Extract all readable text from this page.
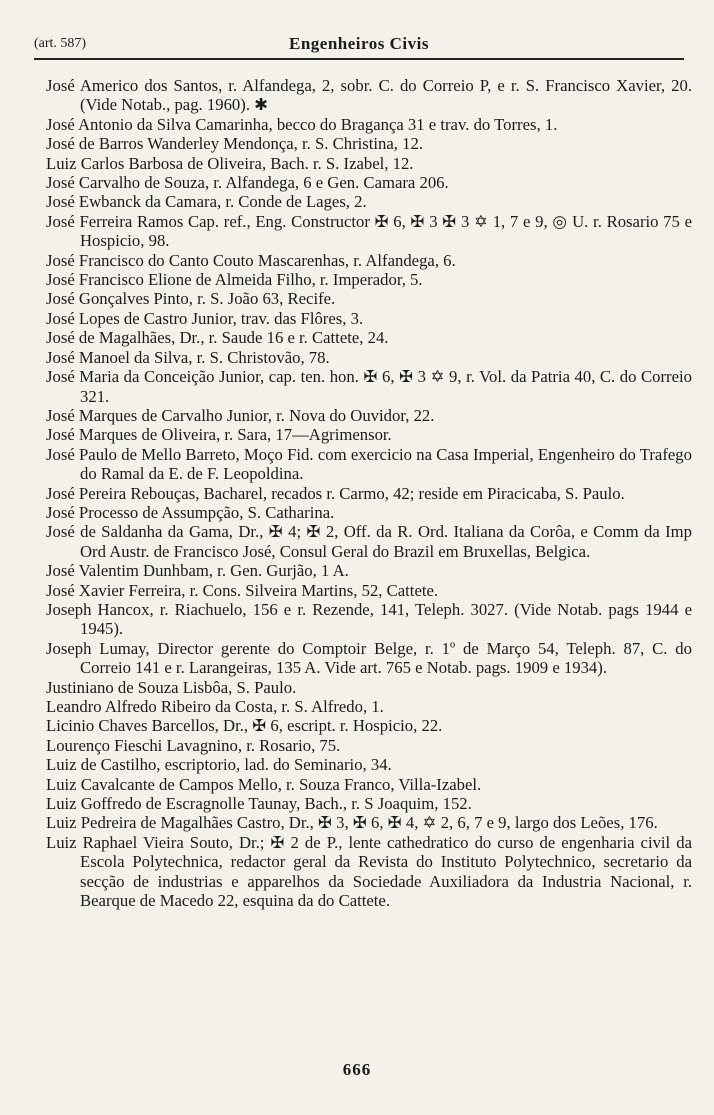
(art. 587)	Engenheiros Civis

José Americo dos Santos, r. Alfandega, 2, sobr. C. do Correio P, e r. S. Francisco Xavier, 20. (Vide Notab., pag. 1960). ✱

José Antonio da Silva Camarinha, becco do Bragança 31 e trav. do Torres, 1.

José de Barros Wanderley Mendonça, r. S. Christina, 12.

Luiz Carlos Barbosa de Oliveira, Bach. r. S. Izabel, 12.

José Carvalho de Souza, r. Alfandega, 6 e Gen. Camara 206.

José Ewbanck da Camara, r. Conde de Lages, 2.

José Ferreira Ramos Cap. ref., Eng. Constructor ✠ 6, ✠ 3 ✠ 3 ✡ 1, 7 e 9, ◎ U. r. Rosario 75 e Hospicio, 98.

José Francisco do Canto Couto Mascarenhas, r. Alfandega, 6.

José Francisco Elione de Almeida Filho, r. Imperador, 5.

José Gonçalves Pinto, r. S. João 63, Recife.

José Lopes de Castro Junior, trav. das Flôres, 3.

José de Magalhães, Dr., r. Saude 16 e r. Cattete, 24.

José Manoel da Silva, r. S. Christovão, 78.

José Maria da Conceição Junior, cap. ten. hon. ✠ 6, ✠ 3 ✡ 9, r. Vol. da Patria 40, C. do Correio 321.

José Marques de Carvalho Junior, r. Nova do Ouvidor, 22.

José Marques de Oliveira, r. Sara, 17—Agrimensor.

José Paulo de Mello Barreto, Moço Fid. com exercicio na Casa Imperial, Engenheiro do Trafego do Ramal da E. de F. Leopoldina.

José Pereira Rebouças, Bacharel, recados r. Carmo, 42; reside em Piracicaba, S. Paulo.

José Processo de Assumpção, S. Catharina.

José de Saldanha da Gama, Dr., ✠ 4; ✠ 2, Off. da R. Ord. Italiana da Corôa, e Comm da Imp Ord Austr. de Francisco José, Consul Geral do Brazil em Bruxellas, Belgica.

José Valentim Dunhbam, r. Gen. Gurjão, 1 A.

José Xavier Ferreira, r. Cons. Silveira Martins, 52, Cattete.

Joseph Hancox, r. Riachuelo, 156 e r. Rezende, 141, Teleph. 3027. (Vide Notab. pags 1944 e 1945).

Joseph Lumay, Director gerente do Comptoir Belge, r. 1º de Março 54, Teleph. 87, C. do Correio 141 e r. Larangeiras, 135 A. Vide art. 765 e Notab. pags. 1909 e 1934).

Justiniano de Souza Lisbôa, S. Paulo.

Leandro Alfredo Ribeiro da Costa, r. S. Alfredo, 1.

Licinio Chaves Barcellos, Dr., ✠ 6, escript. r. Hospicio, 22.

Lourenço Fieschi Lavagnino, r. Rosario, 75.

Luiz de Castilho, escriptorio, lad. do Seminario, 34.

Luiz Cavalcante de Campos Mello, r. Souza Franco, Villa-Izabel.

Luiz Goffredo de Escragnolle Taunay, Bach., r. S Joaquim, 152.

Luiz Pedreira de Magalhães Castro, Dr., ✠ 3, ✠ 6, ✠ 4, ✡ 2, 6, 7 e 9, largo dos Leões, 176.

Luiz Raphael Vieira Souto, Dr.; ✠ 2 de P., lente cathedratico do curso de engenharia civil da Escola Polytechnica, redactor geral da Revista do Instituto Polytechnico, secretario da secção de industrias e apparelhos da Sociedade Auxiliadora da Industria Nacional, r. Bearque de Macedo 22, esquina da do Cattete.

666
